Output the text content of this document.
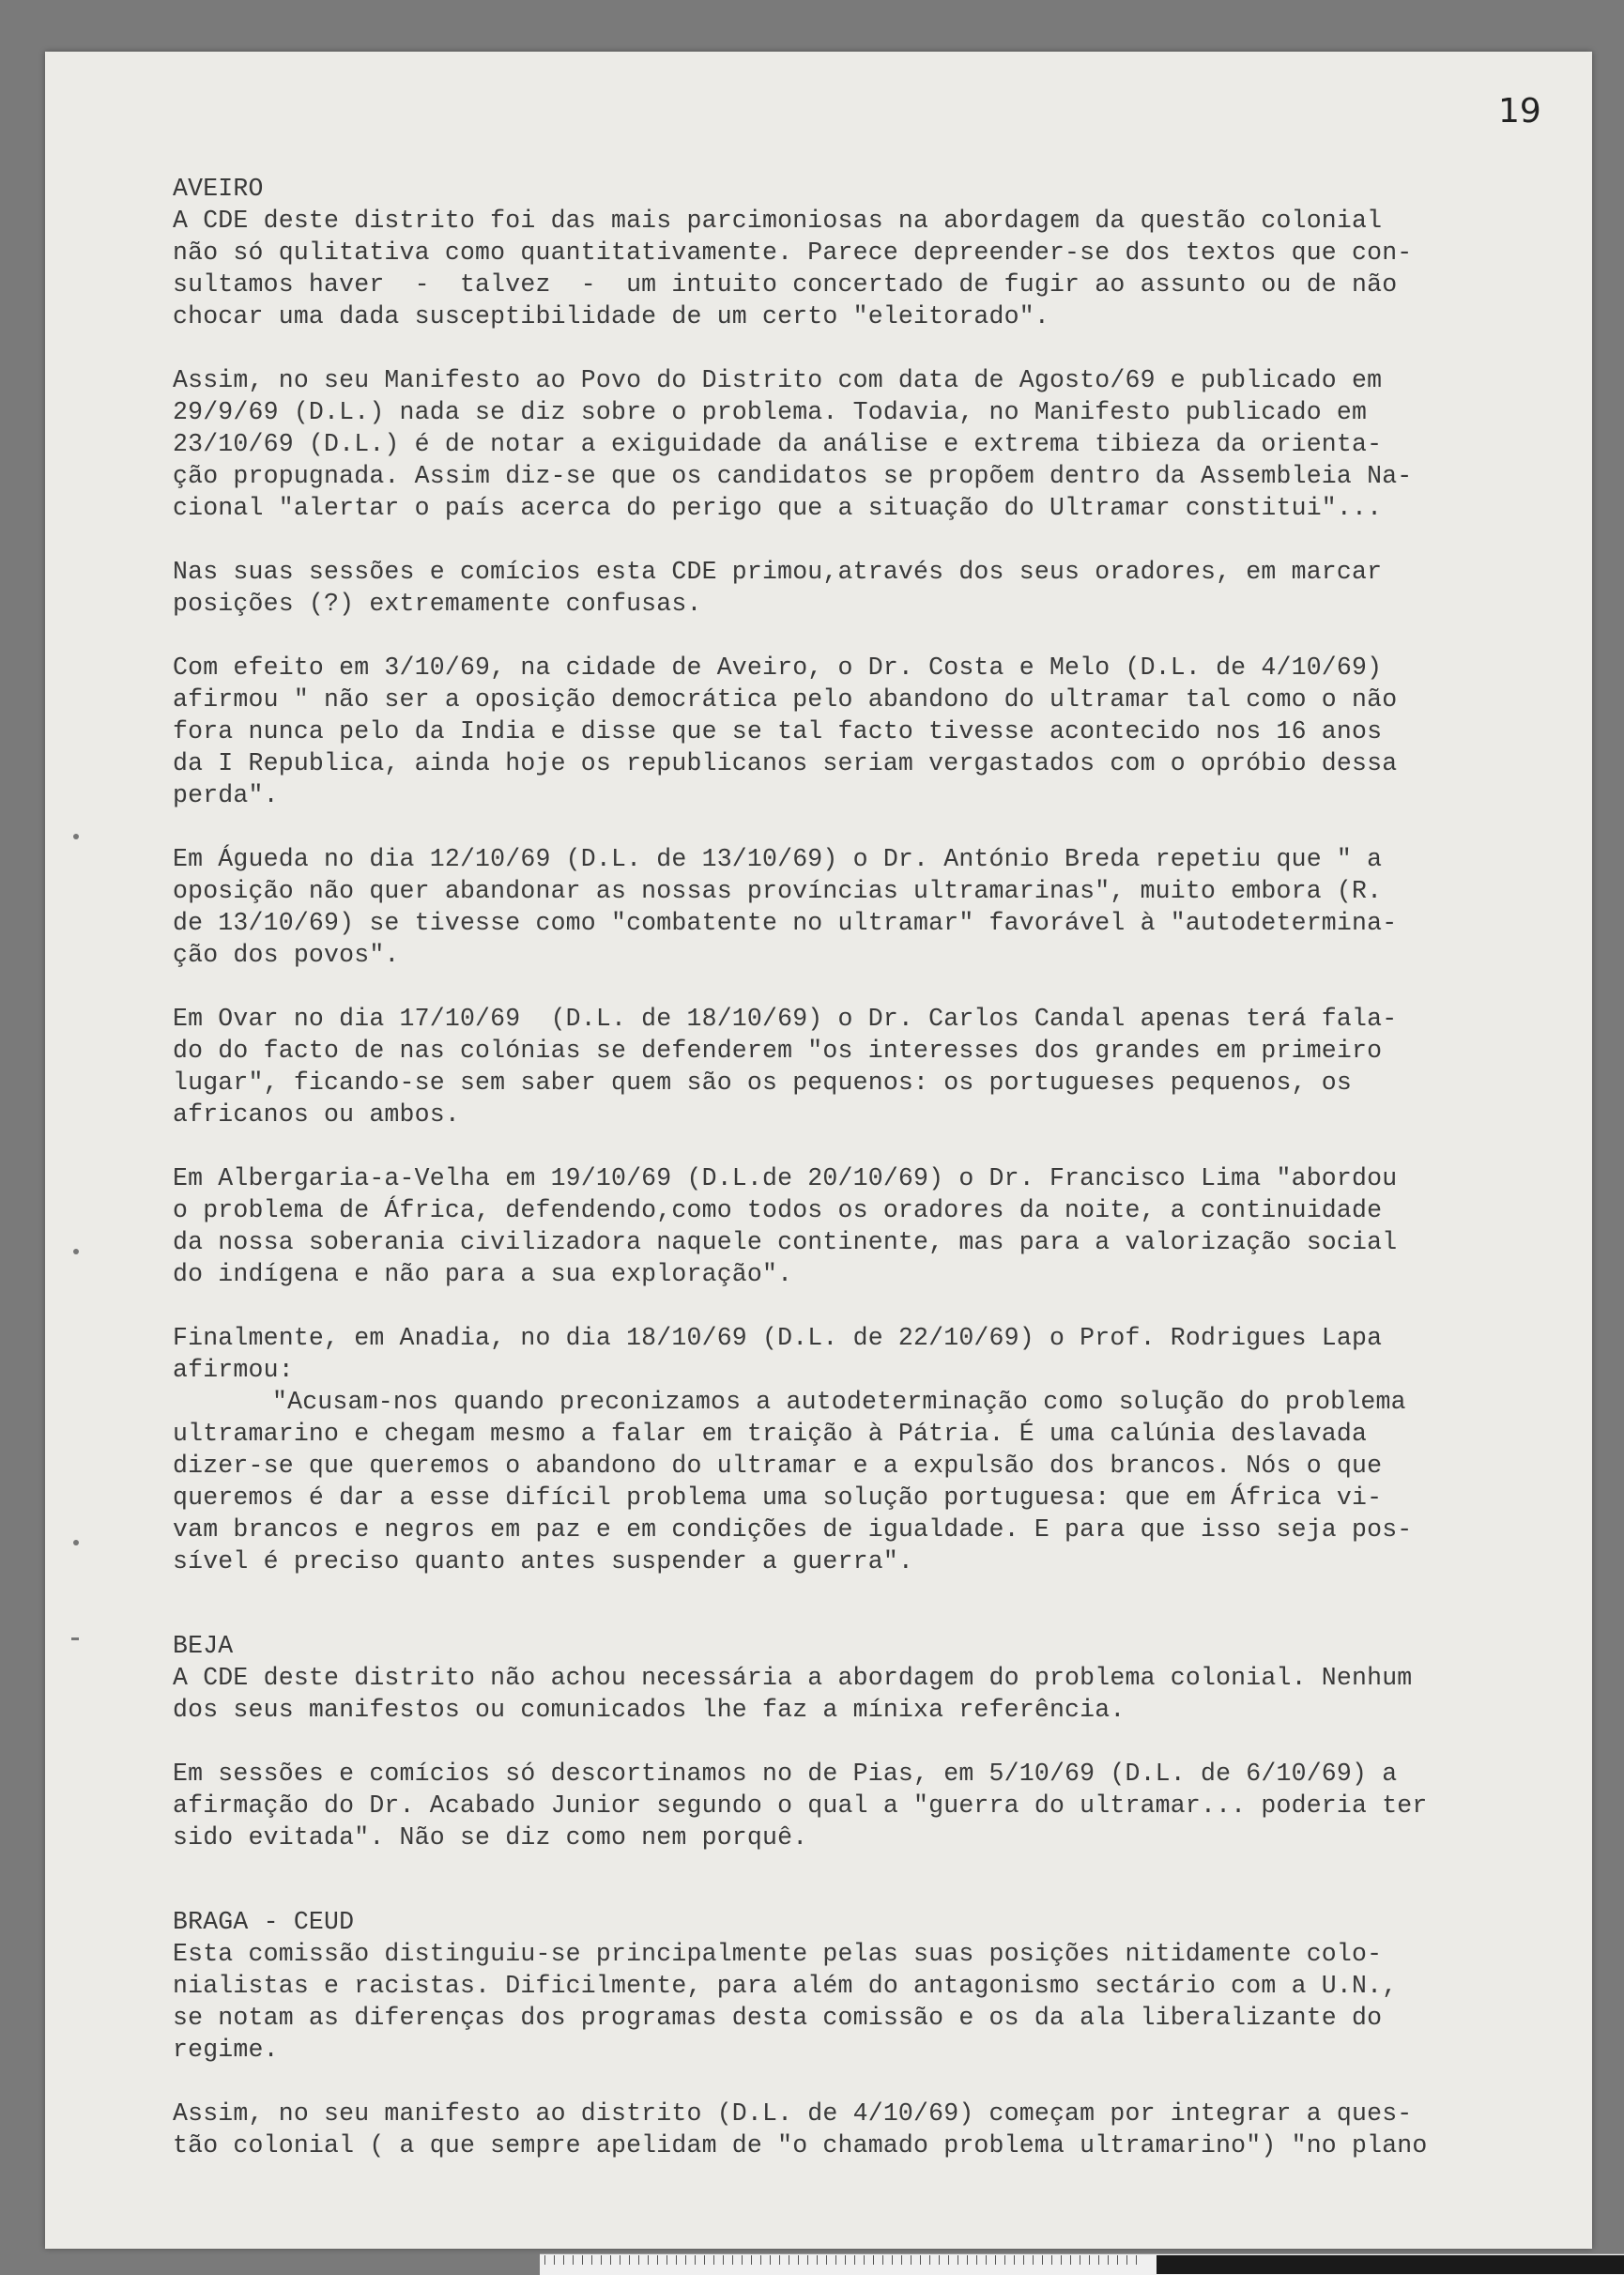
19

AVEIRO

A CDE deste distrito foi das mais parcimoniosas na abordagem da questão colonial

não só qulitativa como quantitativamente. Parece depreender-se dos textos que con-

sultamos haver  -  talvez  -  um intuito concertado de fugir ao assunto ou de não

chocar uma dada susceptibilidade de um certo "eleitorado".

Assim, no seu Manifesto ao Povo do Distrito com data de Agosto/69 e publicado em

29/9/69 (D.L.) nada se diz sobre o problema. Todavia, no Manifesto publicado em

23/10/69 (D.L.) é de notar a exiguidade da análise e extrema tibieza da orienta-

ção propugnada. Assim diz-se que os candidatos se propõem dentro da Assembleia Na-

cional "alertar o país acerca do perigo que a situação do Ultramar constitui"...

Nas suas sessões e comícios esta CDE primou,através dos seus oradores, em marcar

posições (?) extremamente confusas.

Com efeito em 3/10/69, na cidade de Aveiro, o Dr. Costa e Melo (D.L. de 4/10/69)

afirmou " não ser a oposição democrática pelo abandono do ultramar tal como o não

fora nunca pelo da India e disse que se tal facto tivesse acontecido nos 16 anos

da I Republica, ainda hoje os republicanos seriam vergastados com o opróbio dessa

perda".

Em Águeda no dia 12/10/69 (D.L. de 13/10/69) o Dr. António Breda repetiu que " a

oposição não quer abandonar as nossas províncias ultramarinas", muito embora (R.

de 13/10/69) se tivesse como "combatente no ultramar" favorável à "autodetermina-

ção dos povos".

Em Ovar no dia 17/10/69  (D.L. de 18/10/69) o Dr. Carlos Candal apenas terá fala-

do do facto de nas colónias se defenderem "os interesses dos grandes em primeiro

lugar", ficando-se sem saber quem são os pequenos: os portugueses pequenos, os

africanos ou ambos.

Em Albergaria-a-Velha em 19/10/69 (D.L.de 20/10/69) o Dr. Francisco Lima "abordou

o problema de África, defendendo,como todos os oradores da noite, a continuidade

da nossa soberania civilizadora naquele continente, mas para a valorização social

do indígena e não para a sua exploração".

Finalmente, em Anadia, no dia 18/10/69 (D.L. de 22/10/69) o Prof. Rodrigues Lapa

afirmou:

"Acusam-nos quando preconizamos a autodeterminação como solução do problema

ultramarino e chegam mesmo a falar em traição à Pátria. É uma calúnia deslavada

dizer-se que queremos o abandono do ultramar e a expulsão dos brancos. Nós o que

queremos é dar a esse difícil problema uma solução portuguesa: que em África vi-

vam brancos e negros em paz e em condições de igualdade. E para que isso seja pos-

sível é preciso quanto antes suspender a guerra".

BEJA

A CDE deste distrito não achou necessária a abordagem do problema colonial. Nenhum

dos seus manifestos ou comunicados lhe faz a mínixa referência.

Em sessões e comícios só descortinamos no de Pias, em 5/10/69 (D.L. de 6/10/69) a

afirmação do Dr. Acabado Junior segundo o qual a "guerra do ultramar... poderia ter

sido evitada". Não se diz como nem porquê.

BRAGA - CEUD

Esta comissão distinguiu-se principalmente pelas suas posições nitidamente colo-

nialistas e racistas. Dificilmente, para além do antagonismo sectário com a U.N.,

se notam as diferenças dos programas desta comissão e os da ala liberalizante do

regime.

Assim, no seu manifesto ao distrito (D.L. de 4/10/69) começam por integrar a ques-

tão colonial ( a que sempre apelidam de "o chamado problema ultramarino") "no plano
